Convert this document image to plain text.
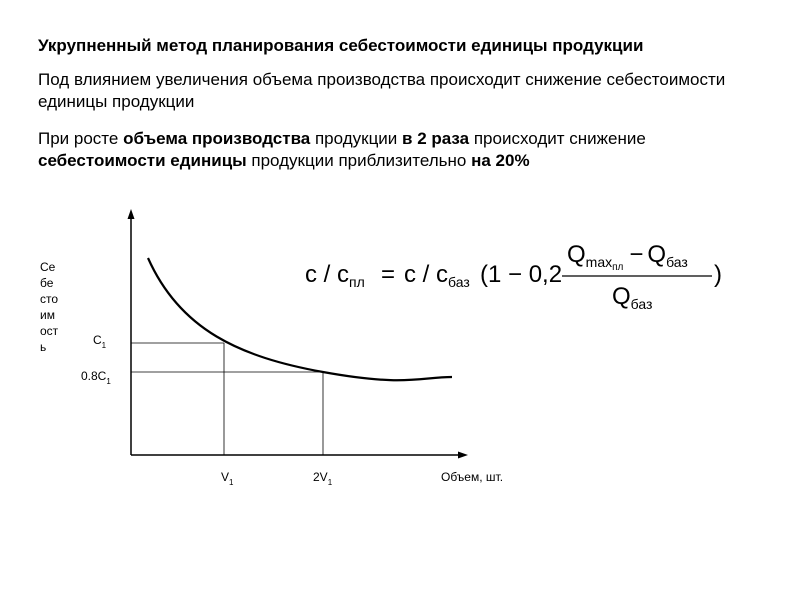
Укрупненный метод планирования себестоимости единицы продукции
Под влиянием увеличения объема производства происходит снижение себестоимости единицы продукции
При росте объема производства продукции в 2 раза происходит снижение себестоимости единицы продукции приблизительно на 20%
Се
бе
сто
им
ост
ь	$C_1$
$0.8C_1$
$V_1$	$2V_1$	Объем, шт.
$с / с_{пл} = с / с_{баз}$ (1 − 0,2
$Q_{max}пл - Q_{баз}$
$Q_{баз}$
)
